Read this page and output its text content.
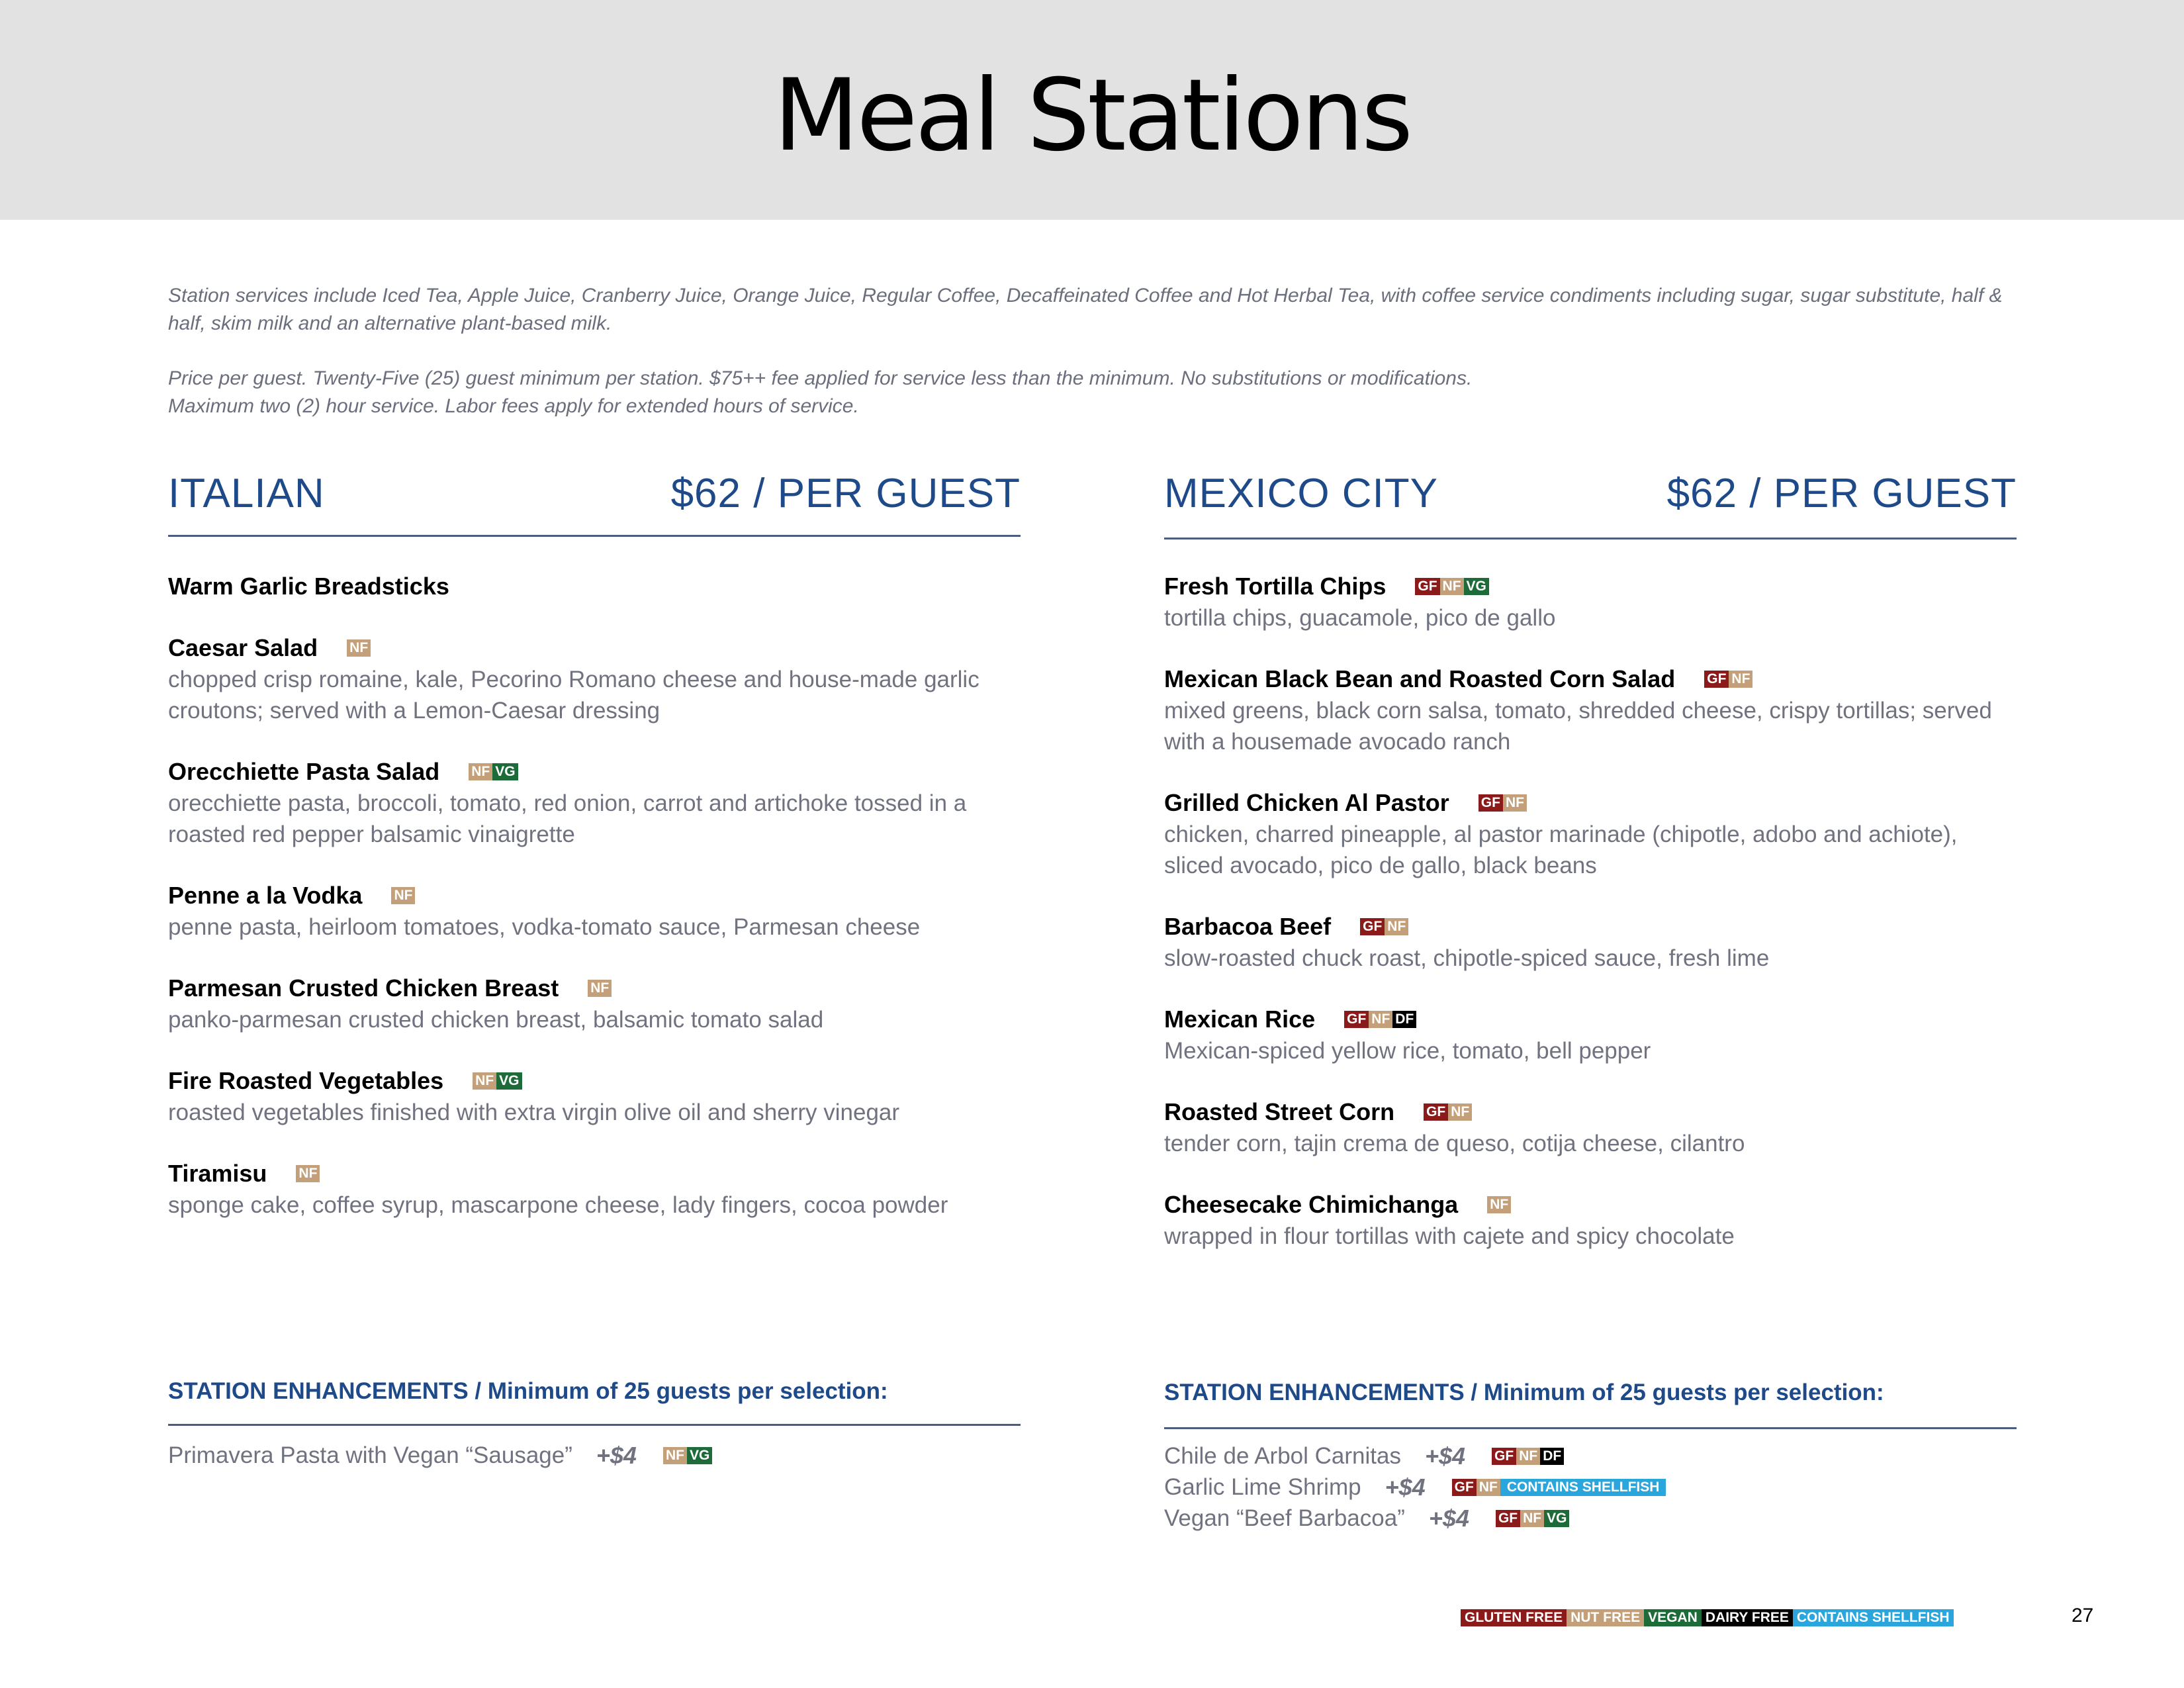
Meal Stations
Station services include Iced Tea, Apple Juice, Cranberry Juice, Orange Juice, Regular Coffee, Decaffeinated Coffee and Hot Herbal Tea, with coffee service condiments including sugar, sugar substitute, half & half, skim milk and an alternative plant-based milk.
Price per guest. Twenty-Five (25) guest minimum per station. $75++ fee applied for service less than the minimum. No substitutions or modifications.
Maximum two (2) hour service. Labor fees apply for extended hours of service.
ITALIAN	$62 / PER GUEST
Warm Garlic Breadsticks
Caesar Salad NF
chopped crisp romaine, kale, Pecorino Romano cheese and house-made garlic croutons; served with a Lemon-Caesar dressing
Orecchiette Pasta Salad NF VG
orecchiette pasta, broccoli, tomato, red onion, carrot and artichoke tossed in a roasted red pepper balsamic vinaigrette
Penne a la Vodka NF
penne pasta, heirloom tomatoes, vodka-tomato sauce, Parmesan cheese
Parmesan Crusted Chicken Breast NF
panko-parmesan crusted chicken breast, balsamic tomato salad
Fire Roasted Vegetables NF VG
roasted vegetables finished with extra virgin olive oil and sherry vinegar
Tiramisu NF
sponge cake, coffee syrup, mascarpone cheese, lady fingers, cocoa powder
STATION ENHANCEMENTS / Minimum of 25 guests per selection:
Primavera Pasta with Vegan “Sausage” +$4 NF VG
MEXICO CITY	$62 / PER GUEST
Fresh Tortilla Chips GF NF VG
tortilla chips, guacamole, pico de gallo
Mexican Black Bean and Roasted Corn Salad GF NF
mixed greens, black corn salsa, tomato, shredded cheese, crispy tortillas; served with a housemade avocado ranch
Grilled Chicken Al Pastor GF NF
chicken, charred pineapple, al pastor marinade (chipotle, adobo and achiote), sliced avocado, pico de gallo, black beans
Barbacoa Beef GF NF
slow-roasted chuck roast, chipotle-spiced sauce, fresh lime
Mexican Rice GF NF DF
Mexican-spiced yellow rice, tomato, bell pepper
Roasted Street Corn GF NF
tender corn, tajin crema de queso, cotija cheese, cilantro
Cheesecake Chimichanga NF
wrapped in flour tortillas with cajete and spicy chocolate
STATION ENHANCEMENTS / Minimum of 25 guests per selection:
Chile de Arbol Carnitas +$4 GF NF DF
Garlic Lime Shrimp +$4 GF NF CONTAINS SHELLFISH
Vegan “Beef Barbacoa” +$4 GF NF VG
GLUTEN FREE NUT FREE VEGAN DAIRY FREE CONTAINS SHELLFISH	27
